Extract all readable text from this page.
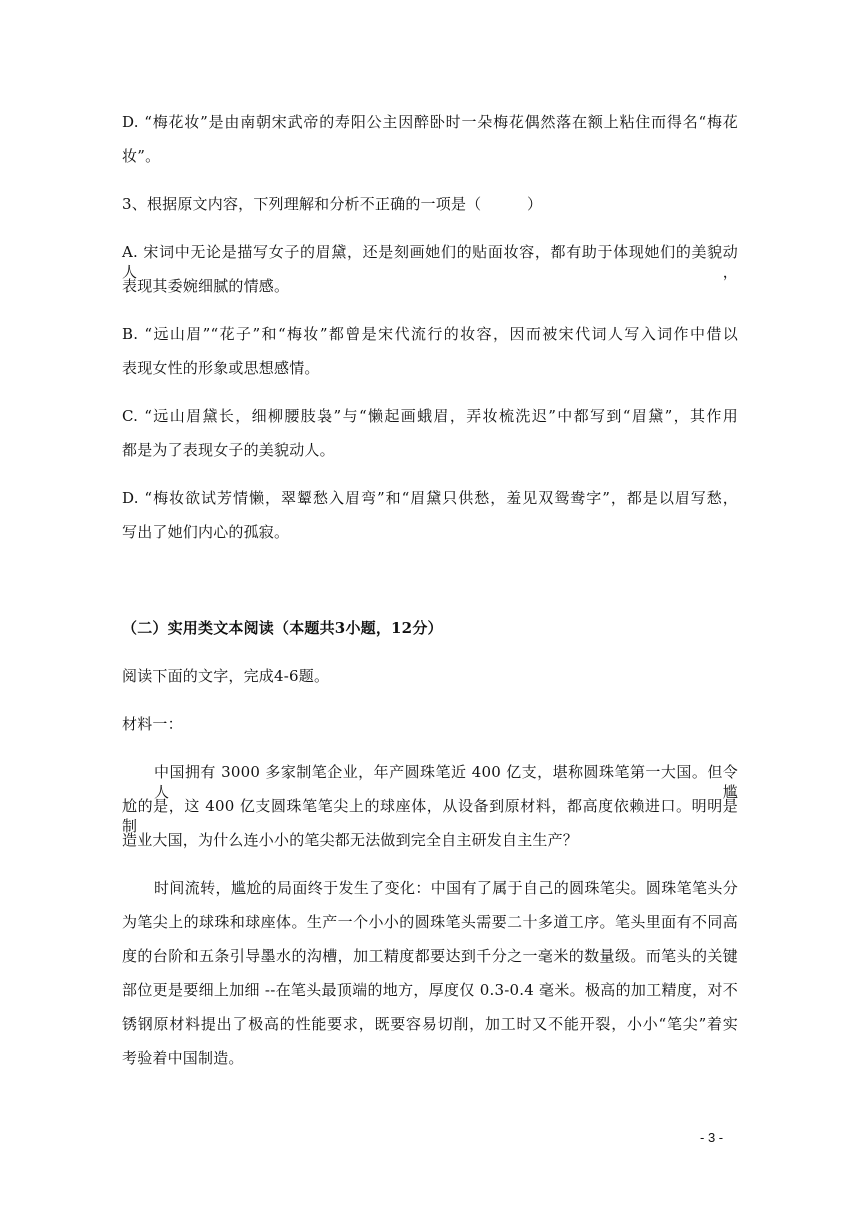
D. “梅花妆”是由南朝宋武帝的寿阳公主因醉卧时一朵梅花偶然落在额上粘住而得名“梅花
妆”。
3、根据原文内容，下列理解和分析不正确的一项是（　　　）
A. 宋词中无论是描写女子的眉黛，还是刻画她们的贴面妆容，都有助于体现她们的美貌动人，
表现其委婉细腻的情感。
B. “远山眉”“花子”和“梅妆”都曾是宋代流行的妆容，因而被宋代词人写入词作中借以
表现女性的形象或思想感情。
C. “远山眉黛长，细柳腰肢袅”与“懒起画蛾眉，弄妆梳洗迟”中都写到“眉黛”，其作用
都是为了表现女子的美貌动人。
D. “梅妆欲试芳情懒，翠颦愁入眉弯”和“眉黛只供愁，羞见双鸳鸯字”，都是以眉写愁，
写出了她们内心的孤寂。
（二）实用类文本阅读（本题共3小题，12分）
阅读下面的文字，完成4-6题。
材料一：
中国拥有 3000 多家制笔企业，年产圆珠笔近 400 亿支，堪称圆珠笔第一大国。但令人尴
尬的是，这 400 亿支圆珠笔笔尖上的球座体，从设备到原材料，都高度依赖进口。明明是制
造业大国，为什么连小小的笔尖都无法做到完全自主研发自主生产？
时间流转，尴尬的局面终于发生了变化：中国有了属于自己的圆珠笔尖。圆珠笔笔头分
为笔尖上的球珠和球座体。生产一个小小的圆珠笔头需要二十多道工序。笔头里面有不同高
度的台阶和五条引导墨水的沟槽，加工精度都要达到千分之一毫米的数量级。而笔头的关键
部位更是要细上加细 --在笔头最顶端的地方，厚度仅 0.3-0.4 毫米。极高的加工精度，对不
锈钢原材料提出了极高的性能要求，既要容易切削，加工时又不能开裂，小小“笔尖”着实
考验着中国制造。
- 3 -
